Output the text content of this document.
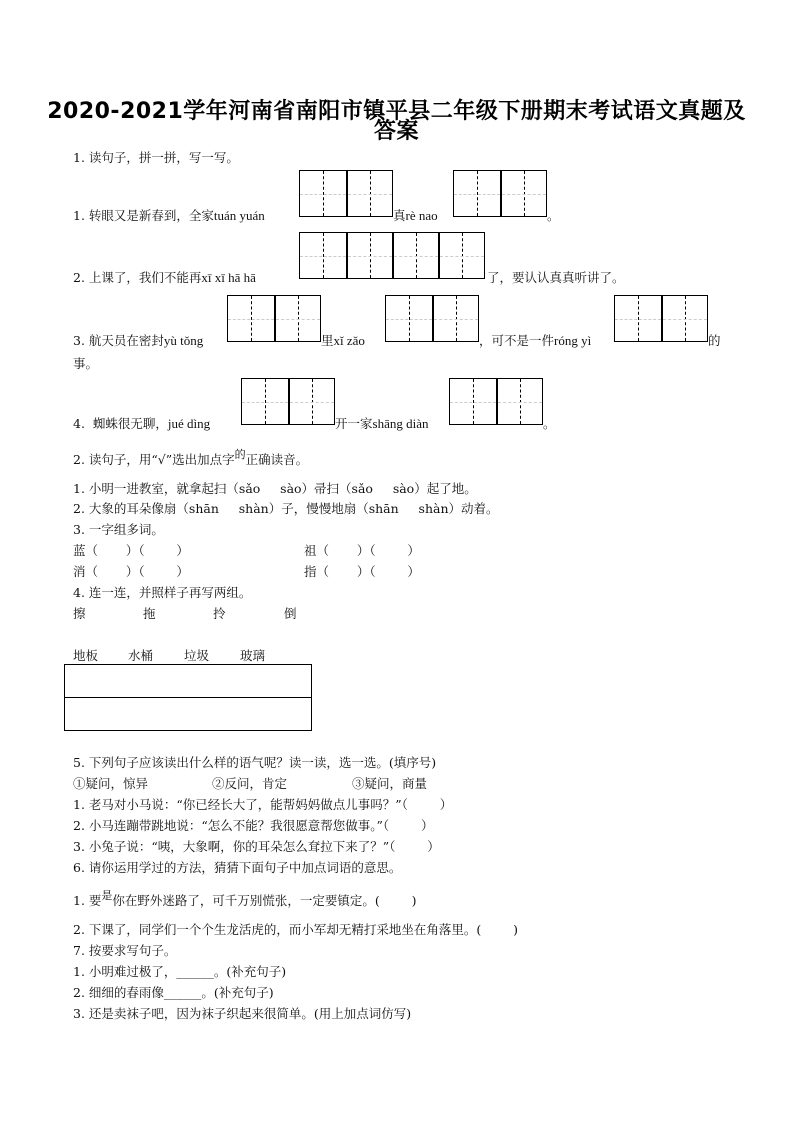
2020-2021学年河南省南阳市镇平县二年级下册期末考试语文真题及
答案
1. 读句子，拼一拼，写一写。
1. 转眼又是新春到，全家tuán yuán	真rè nao	。
2. 上课了，我们不能再xī xī hā hā	了，要认认真真听讲了。
3. 航天员在密封yù tǒng	里xǐ zǎo	，可不是一件róng yì	的
事。
4.  蜘蛛很无聊，jué dìng	开一家shāng diàn	。
2. 读句子，用“√”选出加点字的正确读音。
1. 小明一进教室，就拿起扫（sǎo     sào）帚扫（sǎo     sào）起了地。
2. 大象的耳朵像扇（shān     shàn）子，慢慢地扇（shān     shàn）动着。
3. 一字组多词。
蓝（       ）（        ）	祖（       ）（        ）
消（       ）（        ）	指（       ）（        ）
4. 连一连，并照样子再写两组。
擦	拖	拎	倒
地板 水桶 垃圾 玻璃
5. 下列句子应该读出什么样的语气呢？读一读，选一选。(填序号)
①疑问，惊异	②反问，肯定	③疑问，商量
1. 老马对小马说：“你已经长大了，能帮妈妈做点儿事吗？”（        ）
2. 小马连蹦带跳地说：“怎么不能？我很愿意帮您做事。”（        ）
3. 小兔子说：“咦，大象啊，你的耳朵怎么耷拉下来了？”（        ）
6. 请你运用学过的方法，猜猜下面句子中加点词语的意思。
1. 要是你在野外迷路了，可千万别慌张，一定要镇定。(        )
2. 下课了，同学们一个个生龙活虎的，而小军却无精打采地坐在角落里。(        )
7. 按要求写句子。
1. 小明难过极了，______。(补充句子)
2. 细细的春雨像______。(补充句子)
3. 还是卖袜子吧，因为袜子织起来很简单。(用上加点词仿写)
